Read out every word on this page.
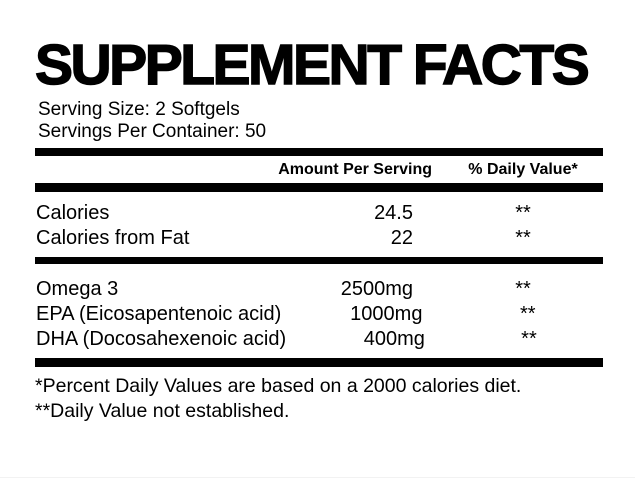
SUPPLEMENT FACTS
Serving Size: 2 Softgels
Servings Per Container: 50
Amount Per Serving	% Daily Value*
Calories	24.5	**
Calories from Fat	22	**
Omega 3	2500mg	**
EPA (Eicosapentenoic acid)	1000mg	**
DHA (Docosahexenoic acid)	400mg	**
*Percent Daily Values are based on a 2000 calories diet.
**Daily Value not established.
